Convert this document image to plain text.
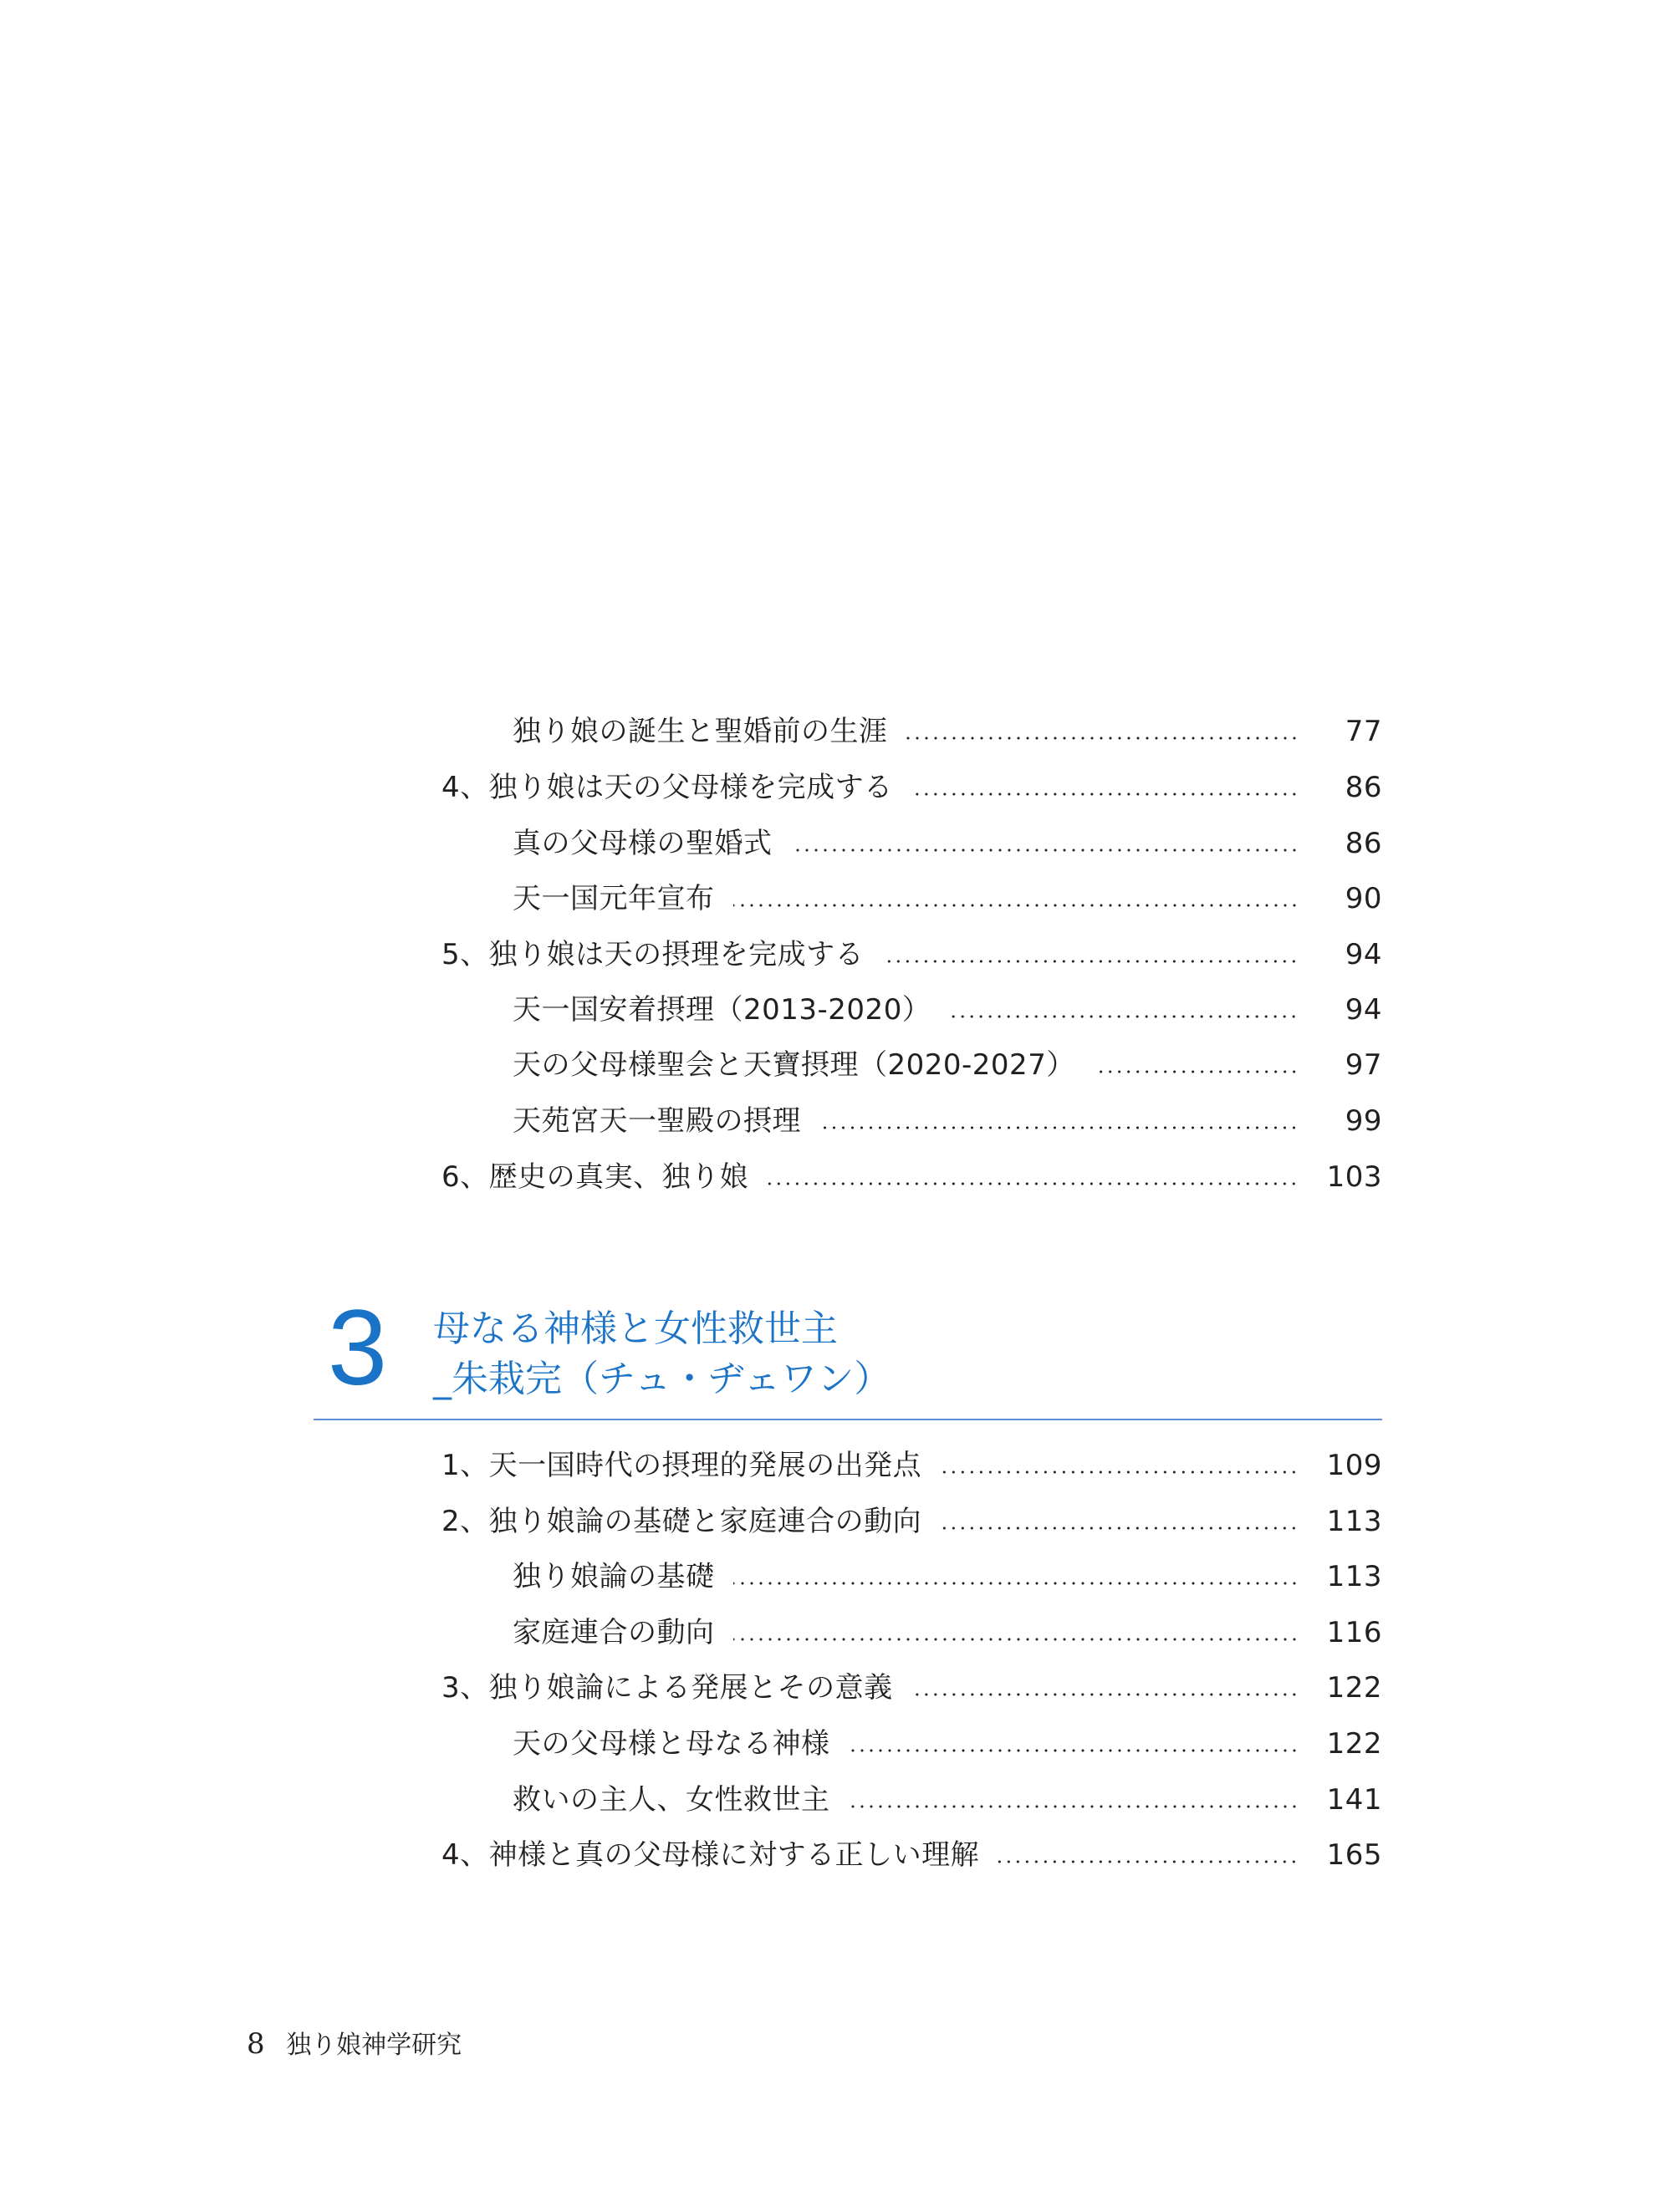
独り娘の誕生と聖婚前の生涯	77
4、独り娘は天の父母様を完成する	86
真の父母様の聖婚式	86
天一国元年宣布	90
5、独り娘は天の摂理を完成する	94
天一国安着摂理（2013-2020）	94
天の父母様聖会と天寶摂理（2020-2027）	97
天苑宮天一聖殿の摂理	99
6、歴史の真実、独り娘	103
3 母なる神様と女性救世主
_朱栽完（チュ・ヂェワン）
1、天一国時代の摂理的発展の出発点	109
2、独り娘論の基礎と家庭連合の動向	113
独り娘論の基礎	113
家庭連合の動向	116
3、独り娘論による発展とその意義	122
天の父母様と母なる神様	122
救いの主人、女性救世主	141
4、神様と真の父母様に対する正しい理解	165
8 独り娘神学研究
